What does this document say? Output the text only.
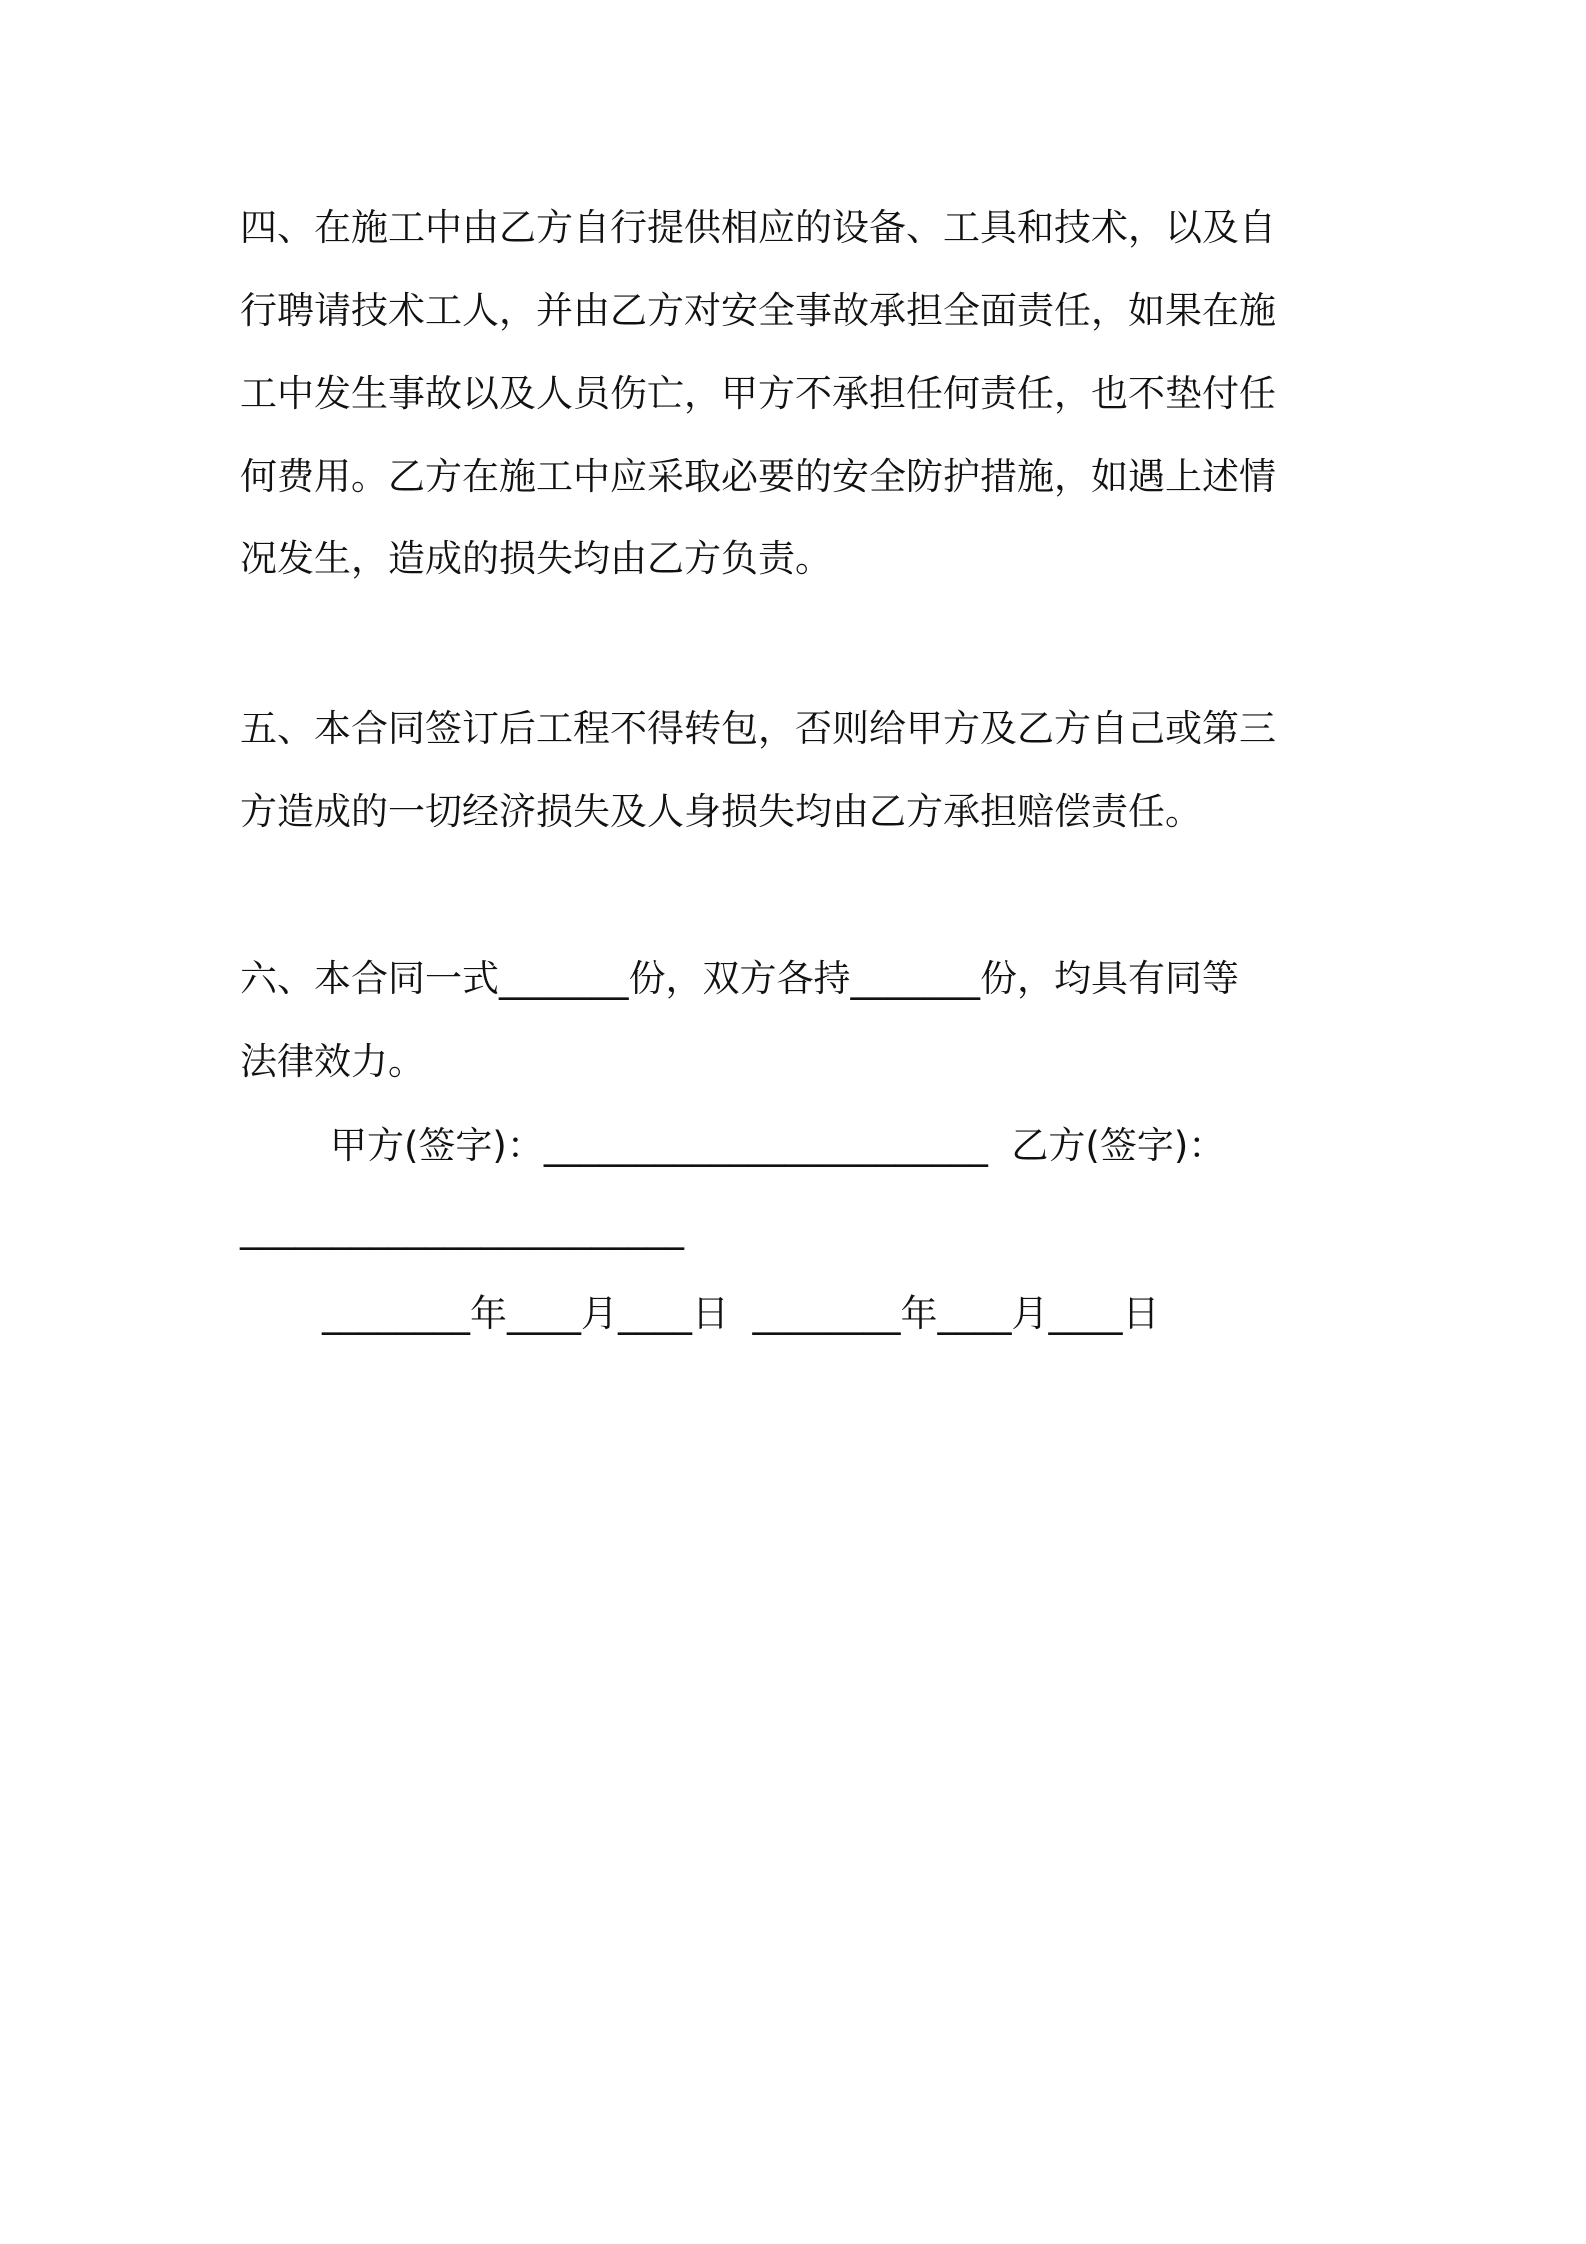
四、在施工中由乙方自行提供相应的设备、工具和技术，以及自
行聘请技术工人，并由乙方对安全事故承担全面责任，如果在施
工中发生事故以及人员伤亡，甲方不承担任何责任，也不垫付任
何费用。乙方在施工中应采取必要的安全防护措施，如遇上述情
况发生，造成的损失均由乙方负责。
五、本合同签订后工程不得转包，否则给甲方及乙方自己或第三
方造成的一切经济损失及人身损失均由乙方承担赔偿责任。
六、本合同一式_______份，双方各持_______份，均具有同等
法律效力。
甲方(签字)：________________________  乙方(签字)：
________________________
________年____月____日  ________年____月____日
